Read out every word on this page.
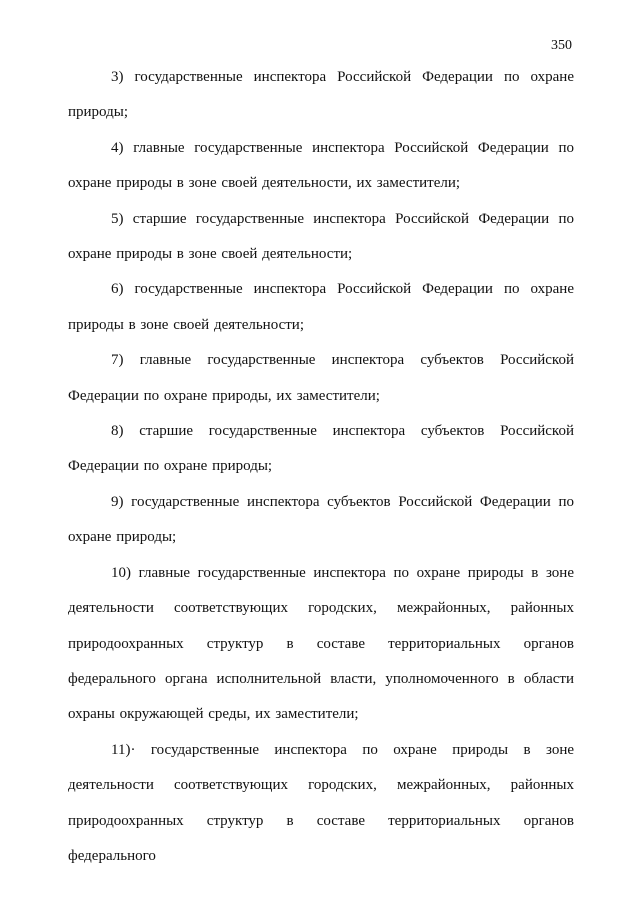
350

3) государственные инспектора Российской Федерации по охране природы;

4) главные государственные инспектора Российской Федерации по охране природы в зоне своей деятельности, их заместители;

5) старшие государственные инспектора Российской Федерации по охране природы в зоне своей деятельности;

6) государственные инспектора Российской Федерации по охране природы в зоне своей деятельности;

7) главные государственные инспектора субъектов Российской Федерации по охране природы, их заместители;

8) старшие государственные инспектора субъектов Российской Федерации по охране природы;

9) государственные инспектора субъектов Российской Федерации по охране природы;

10) главные государственные инспектора по охране природы в зоне деятельности соответствующих городских, межрайонных, районных природоохранных структур в составе территориальных органов федерального органа исполнительной власти, уполномоченного в области охраны окружающей среды, их заместители;

11)· государственные инспектора по охране природы в зоне деятельности соответствующих городских, межрайонных, районных природоохранных структур в составе территориальных органов федерального
